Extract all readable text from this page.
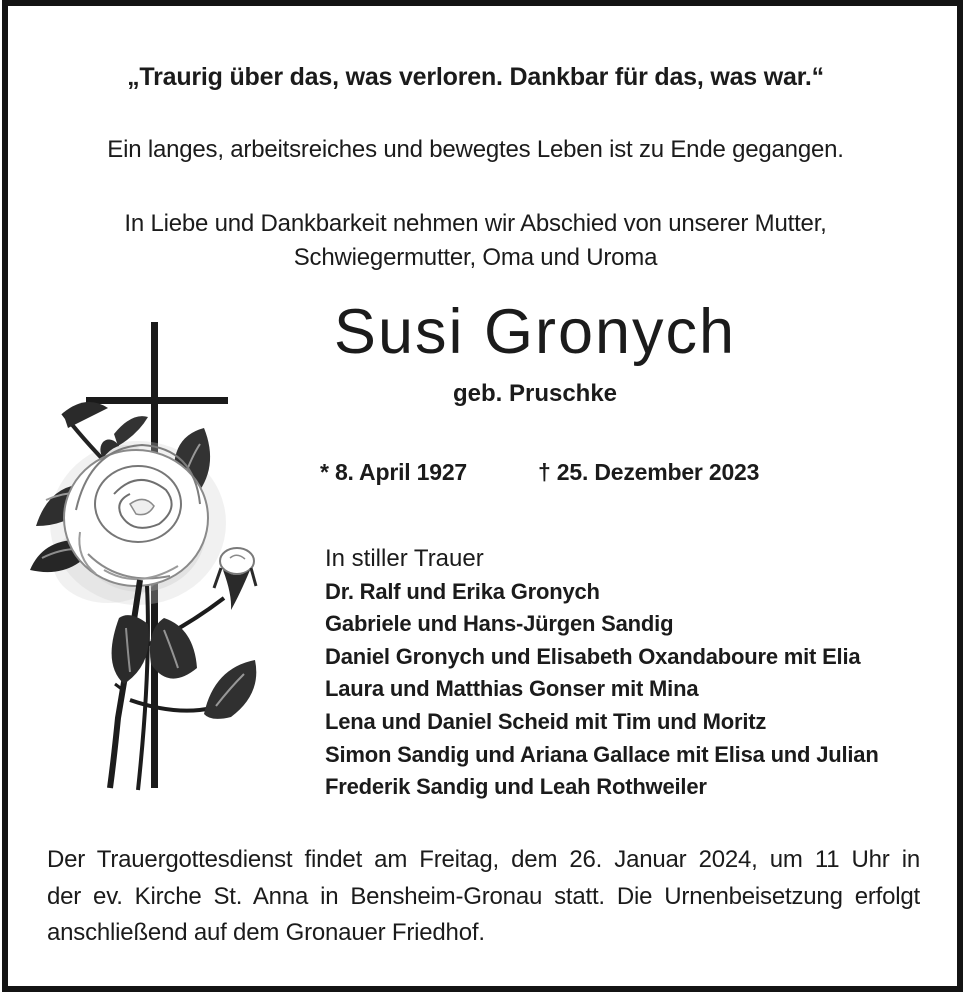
„Traurig über das, was verloren. Dankbar für das, was war.“
Ein langes, arbeitsreiches und bewegtes Leben ist zu Ende gegangen.
In Liebe und Dankbarkeit nehmen wir Abschied von unserer Mutter,
Schwiegermutter, Oma und Uroma
Susi Gronych
geb. Pruschke
* 8. April 1927	† 25. Dezember 2023
In stiller Trauer
Dr. Ralf und Erika Gronych
Gabriele und Hans-Jürgen Sandig
Daniel Gronych und Elisabeth Oxandaboure mit Elia
Laura und Matthias Gonser mit Mina
Lena und Daniel Scheid mit Tim und Moritz
Simon Sandig und Ariana Gallace mit Elisa und Julian
Frederik Sandig und Leah Rothweiler
Der Trauergottesdienst findet am Freitag, dem 26. Januar 2024, um 11 Uhr in
der ev. Kirche St. Anna in Bensheim-Gronau statt. Die Urnenbeisetzung erfolgt
anschließend auf dem Gronauer Friedhof.
